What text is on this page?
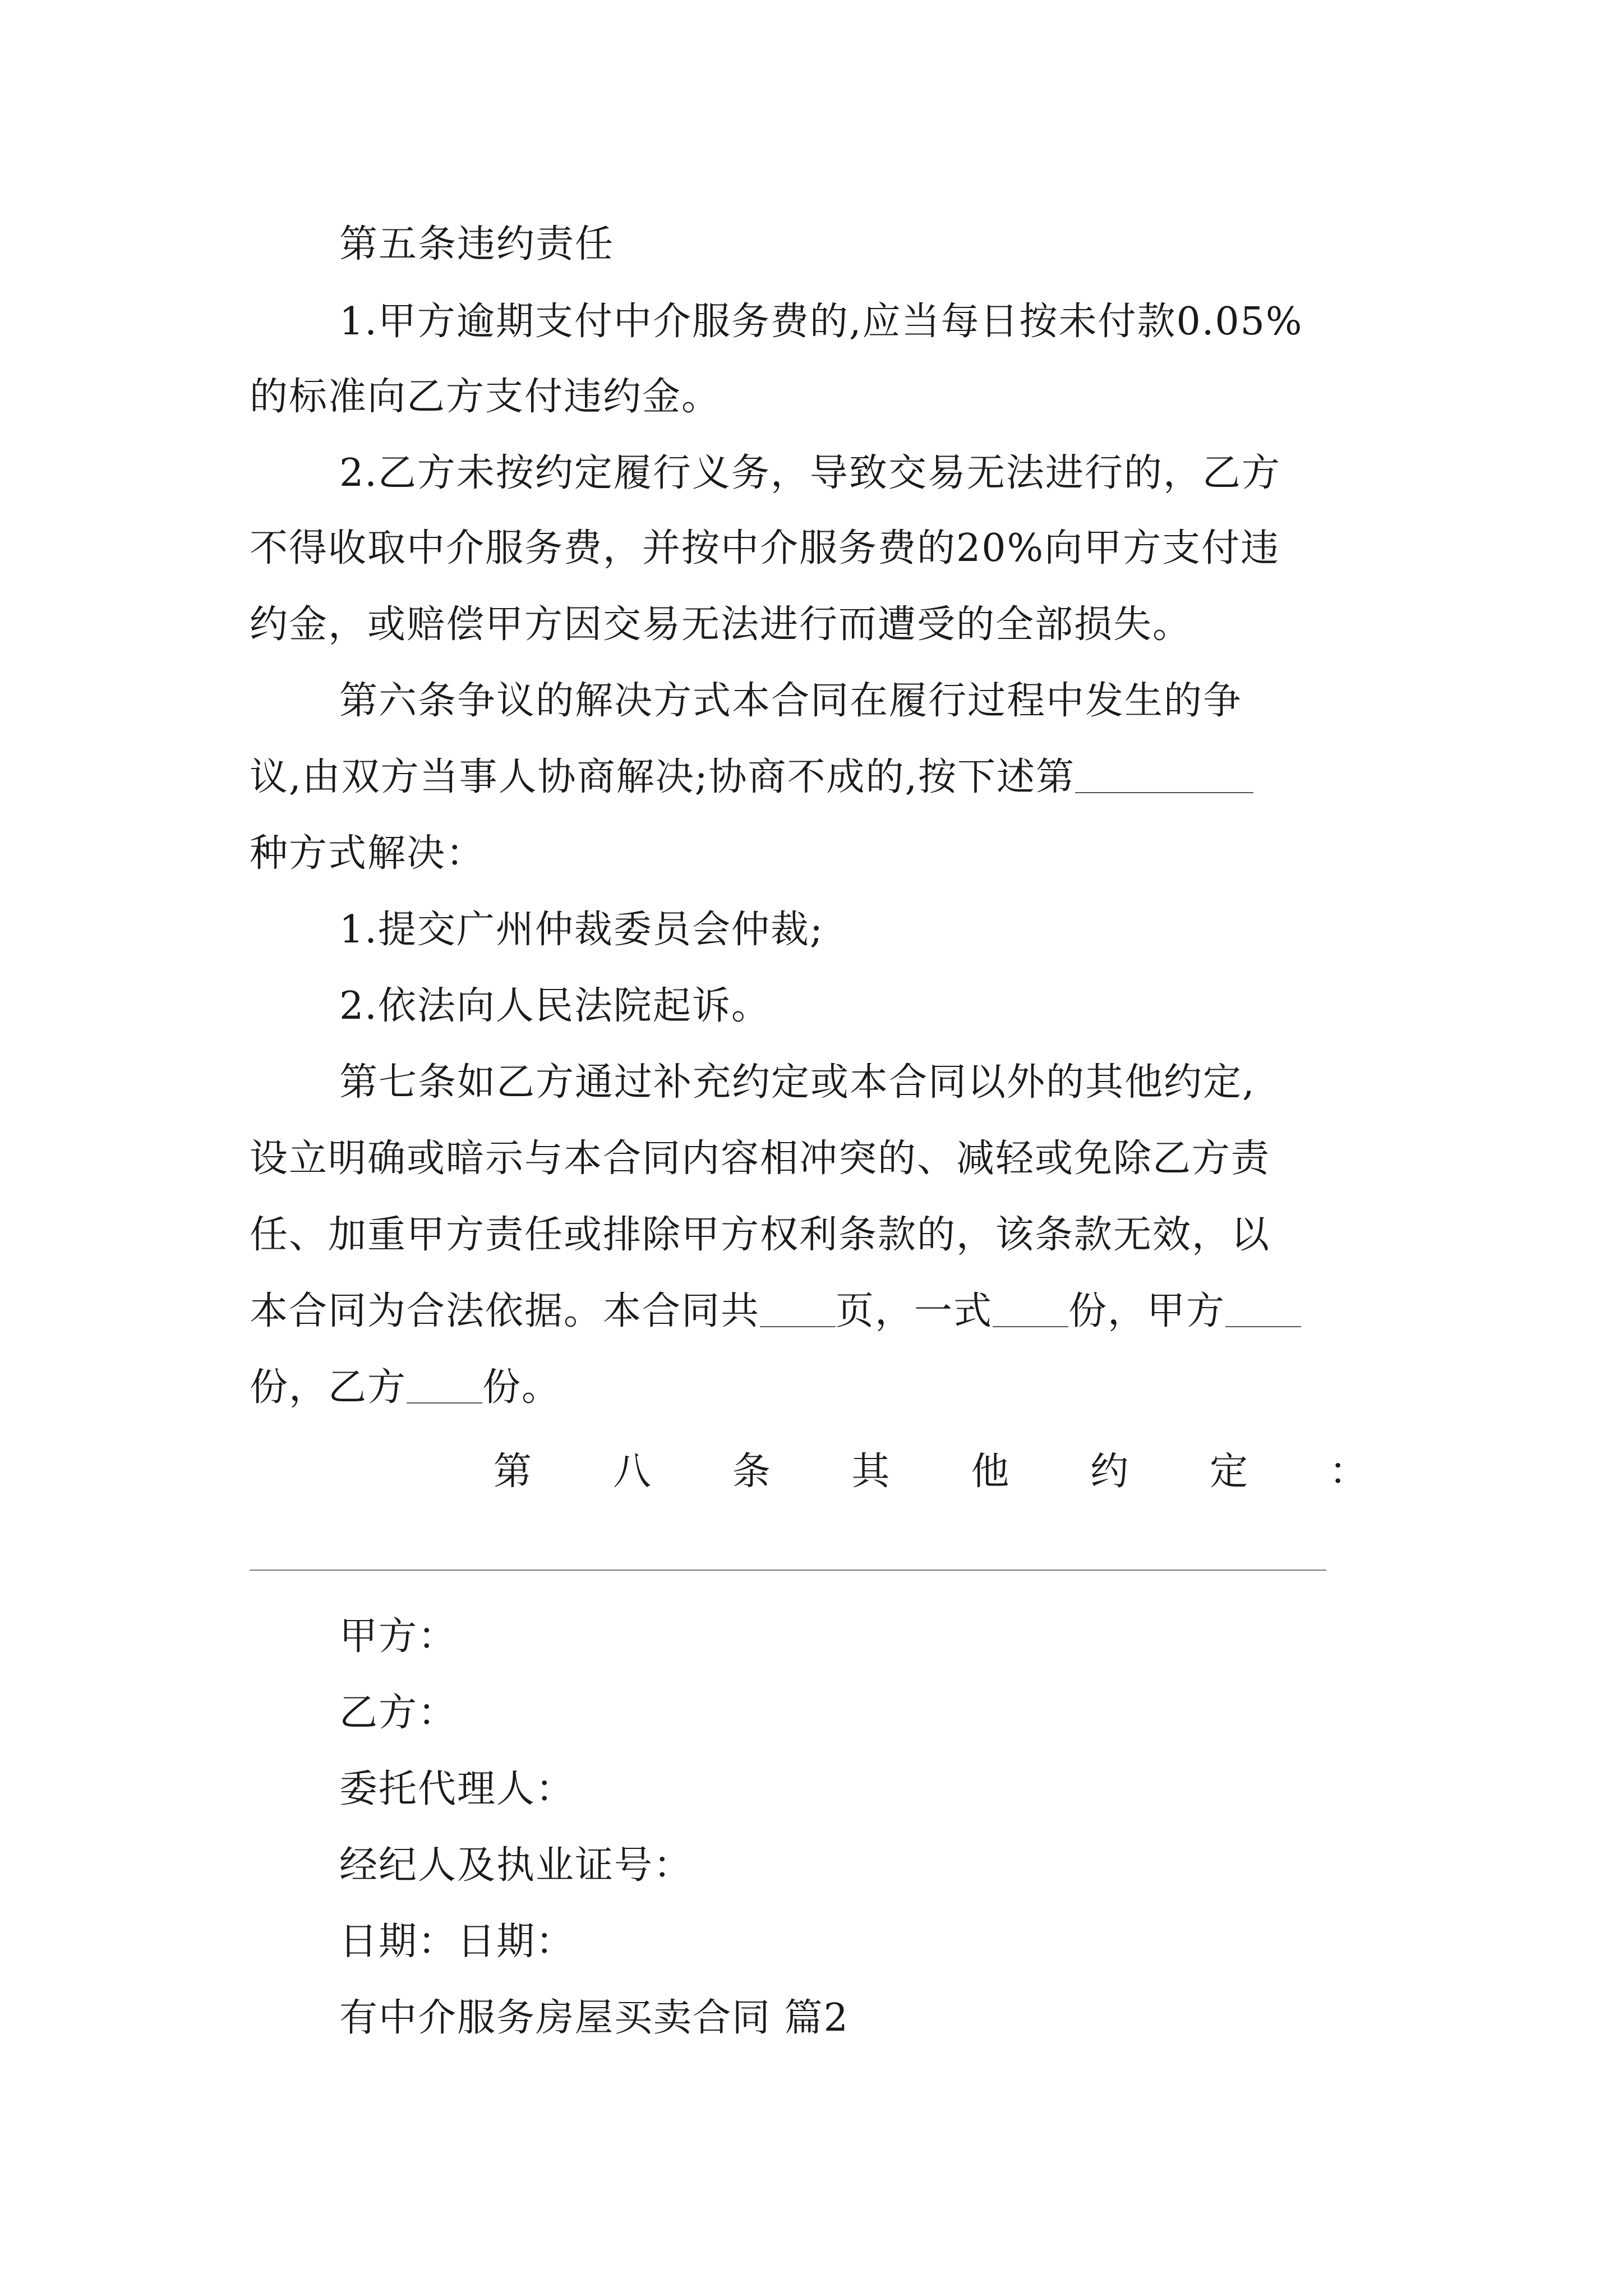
第五条违约责任
1.甲方逾期支付中介服务费的,应当每日按未付款0.05%
的标准向乙方支付违约金。
2.乙方未按约定履行义务，导致交易无法进行的，乙方
不得收取中介服务费，并按中介服务费的20%向甲方支付违
约金，或赔偿甲方因交易无法进行而遭受的全部损失。
第六条争议的解决方式本合同在履行过程中发生的争
议,由双方当事人协商解决;协商不成的,按下述第
种方式解决：
1.提交广州仲裁委员会仲裁;
2.依法向人民法院起诉。
第七条如乙方通过补充约定或本合同以外的其他约定,
设立明确或暗示与本合同内容相冲突的、减轻或免除乙方责
任、加重甲方责任或排除甲方权利条款的，该条款无效，以
本合同为合法依据。本合同共 页，一式 份，甲方
份，乙方 份。
第 八 条 其 他 约 定 ：
甲方：
乙方：
委托代理人：
经纪人及执业证号：
日期：日期：
有中介服务房屋买卖合同 篇2
